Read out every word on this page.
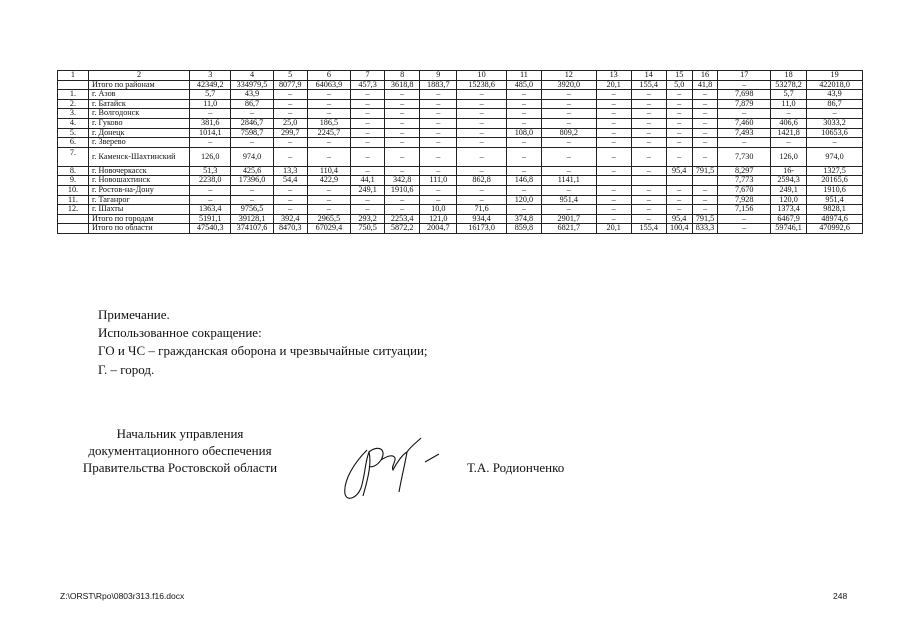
1	2	3	4	5	6	7	8	9	10	11	12	13	14	15	16	17	18	19
	Итого по районам	42349,2	334979,5	8077,9	64063,9	457,3	3618,8	1883,7	15238,6	485,0	3920,0	20,1	155,4	5,0	41,8	–	53278,2	422018,0
1.	г. Азов	5,7	43,9	–	–	–	–	–	–	–	–	–	–	–	–	7,698	5,7	43,9
2.	г. Батайск	11,0	86,7	–	–	–	–	–	–	–	–	–	–	–	–	7,879	11,0	86,7
3.	г. Волгодонск	–	–	–	–	–	–	–	–	–	–	–	–	–	–	–	–	–
4.	г. Гуково	381,6	2846,7	25,0	186,5	–	–	–	–	–	–	–	–	–	–	7,460	406,6	3033,2
5.	г. Донецк	1014,1	7598,7	299,7	2245,7	–	–	–	–	108,0	809,2	–	–	–	–	7,493	1421,8	10653,6
6.	г. Зверево	–	–	–	–	–	–	–	–	–	–	–	–	–	–	–	–	–
7.	г. Каменск-Шахтинский	126,0	974,0	–	–	–	–	–	–	–	–	–	–	–	–	7,730	126,0	974,0
8.	г. Новочеркасск	51,3	425,6	13,3	110,4	–	–	–	–	–	–	–	–	95,4	791,5	8,297	16-	1327,5
9.	г. Новошахтинск	2238,0	17396,0	54,4	422,9	44,1	342,8	111,0	862,8	146,8	1141,1					7,773	2594,3	20165,6
10.	г. Ростов-на-Дону	–	–	–	–	249,1	1910,6	–	–	–	–	–	–	–	–	7,670	249,1	1910,6
11.	г. Таганрог	–	–	–	–	–	–	–	–	120,0	951,4	–	–	–	–	7,928	120,0	951,4
12.	г. Шахты	1363,4	9756,5	–	–	–	–	10,0	71,6	–	–	–	–	–	–	7,156	1373,4	9828,1
	Итого по городам	5191,1	39128,1	392,4	2965,5	293,2	2253,4	121,0	934,4	374,8	2901,7	–	–	95,4	791,5	–	6467,9	48974,6
	Итого по области	47540,3	374107,6	8470,3	67029,4	750,5	5872,2	2004,7	16173,0	859,8	6821,7	20,1	155,4	100,4	833,3	–	59746,1	470992,6
Примечание.
Использованное сокращение:
ГО и ЧС – гражданская оборона и чрезвычайные ситуации;
Г. – город.
Начальник управления
документационного обеспечения
Правительства Ростовской области	Т.А. Родионченко
Z:\ORST\Rpo\0803r313.f16.docx	248
